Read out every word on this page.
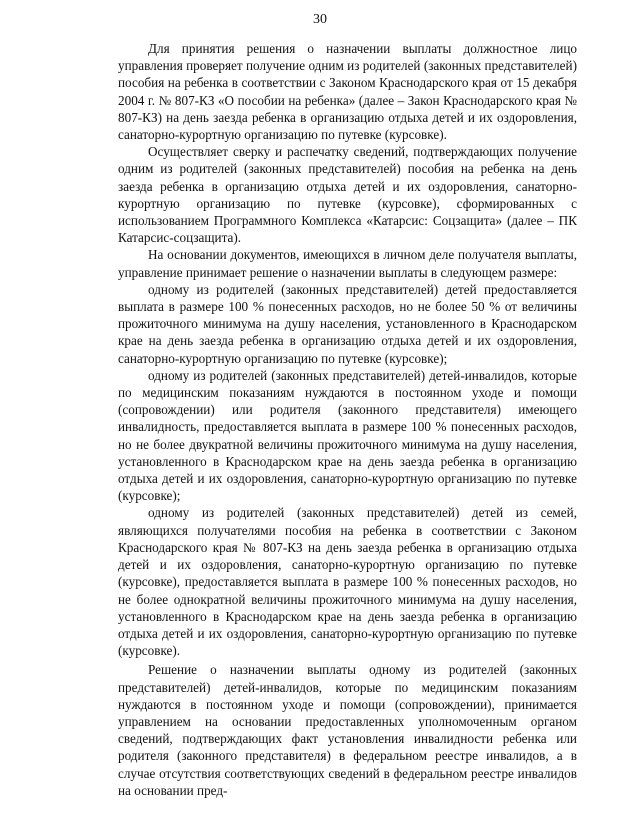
30

Для принятия решения о назначении выплаты должностное лицо управления проверяет получение одним из родителей (законных представителей) пособия на ребенка в соответствии с Законом Краснодарского края от 15 декабря 2004 г. № 807-КЗ «О пособии на ребенка» (далее – Закон Краснодарского края № 807-КЗ) на день заезда ребенка в организацию отдыха детей и их оздоровления, санаторно-курортную организацию по путевке (курсовке).

Осуществляет сверку и распечатку сведений, подтверждающих получение одним из родителей (законных представителей) пособия на ребенка на день заезда ребенка в организацию отдыха детей и их оздоровления, санаторно-курортную организацию по путевке (курсовке), сформированных с использованием Программного Комплекса «Катарсис: Соцзащита» (далее – ПК Катарсис-соцзащита).

На основании документов, имеющихся в личном деле получателя выплаты, управление принимает решение о назначении выплаты в следующем размере:

одному из родителей (законных представителей) детей предоставляется выплата в размере 100 % понесенных расходов, но не более 50 % от величины прожиточного минимума на душу населения, установленного в Краснодарском крае на день заезда ребенка в организацию отдыха детей и их оздоровления, санаторно-курортную организацию по путевке (курсовке);

одному из родителей (законных представителей) детей-инвалидов, которые по медицинским показаниям нуждаются в постоянном уходе и помощи (сопровождении) или родителя (законного представителя) имеющего инвалидность, предоставляется выплата в размере 100 % понесенных расходов, но не более двукратной величины прожиточного минимума на душу населения, установленного в Краснодарском крае на день заезда ребенка в организацию отдыха детей и их оздоровления, санаторно-курортную организацию по путевке (курсовке);

одному из родителей (законных представителей) детей из семей, являющихся получателями пособия на ребенка в соответствии с Законом Краснодарского края № 807-КЗ на день заезда ребенка в организацию отдыха детей и их оздоровления, санаторно-курортную организацию по путевке (курсовке), предоставляется выплата в размере 100 % понесенных расходов, но не более однократной величины прожиточного минимума на душу населения, установленного в Краснодарском крае на день заезда ребенка в организацию отдыха детей и их оздоровления, санаторно-курортную организацию по путевке (курсовке).

Решение о назначении выплаты одному из родителей (законных представителей) детей-инвалидов, которые по медицинским показаниям нуждаются в постоянном уходе и помощи (сопровождении), принимается управлением на основании предоставленных уполномоченным органом сведений, подтверждающих факт установления инвалидности ребенка или родителя (законного представителя) в федеральном реестре инвалидов, а в случае отсутствия соответствующих сведений в федеральном реестре инвалидов на основании пред-
